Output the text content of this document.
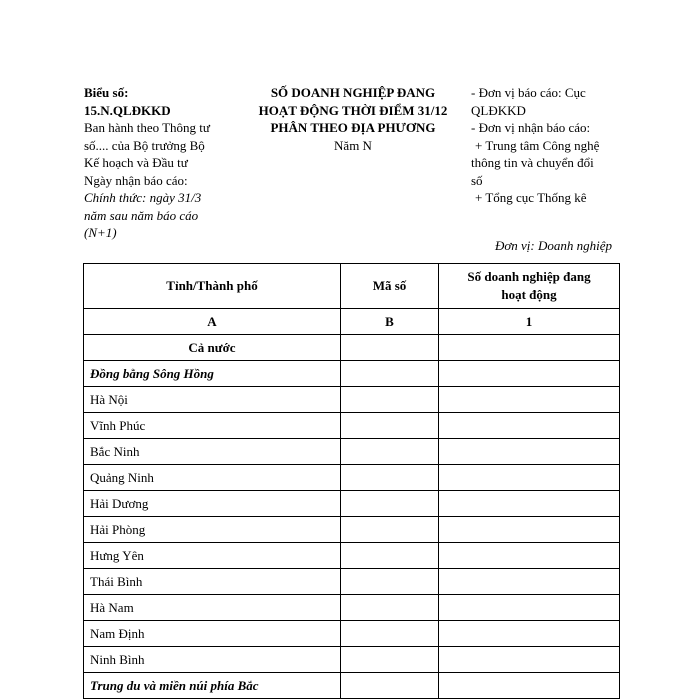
Biểu số:
15.N.QLĐKKD
Ban hành theo Thông tư
số.... của Bộ trưởng Bộ
Kế hoạch và Đầu tư
Ngày nhận báo cáo:
Chính thức: ngày 31/3
năm sau năm báo cáo
(N+1)
SỐ DOANH NGHIỆP ĐANG
HOẠT ĐỘNG THỜI ĐIỂM 31/12
PHÂN THEO ĐỊA PHƯƠNG
Năm N
- Đơn vị báo cáo: Cục
QLĐKKD
- Đơn vị nhận báo cáo:
+ Trung tâm Công nghệ
thông tin và chuyển đổi
số
+ Tổng cục Thống kê
Đơn vị: Doanh nghiệp
Tỉnh/Thành phố	Mã số	Số doanh nghiệp đang
hoạt động
A	B	1
Cả nước		
Đồng bằng Sông Hồng		
Hà Nội		
Vĩnh Phúc		
Bắc Ninh		
Quảng Ninh		
Hải Dương		
Hải Phòng		
Hưng Yên		
Thái Bình		
Hà Nam		
Nam Định		
Ninh Bình		
Trung du và miền núi phía Bắc		
